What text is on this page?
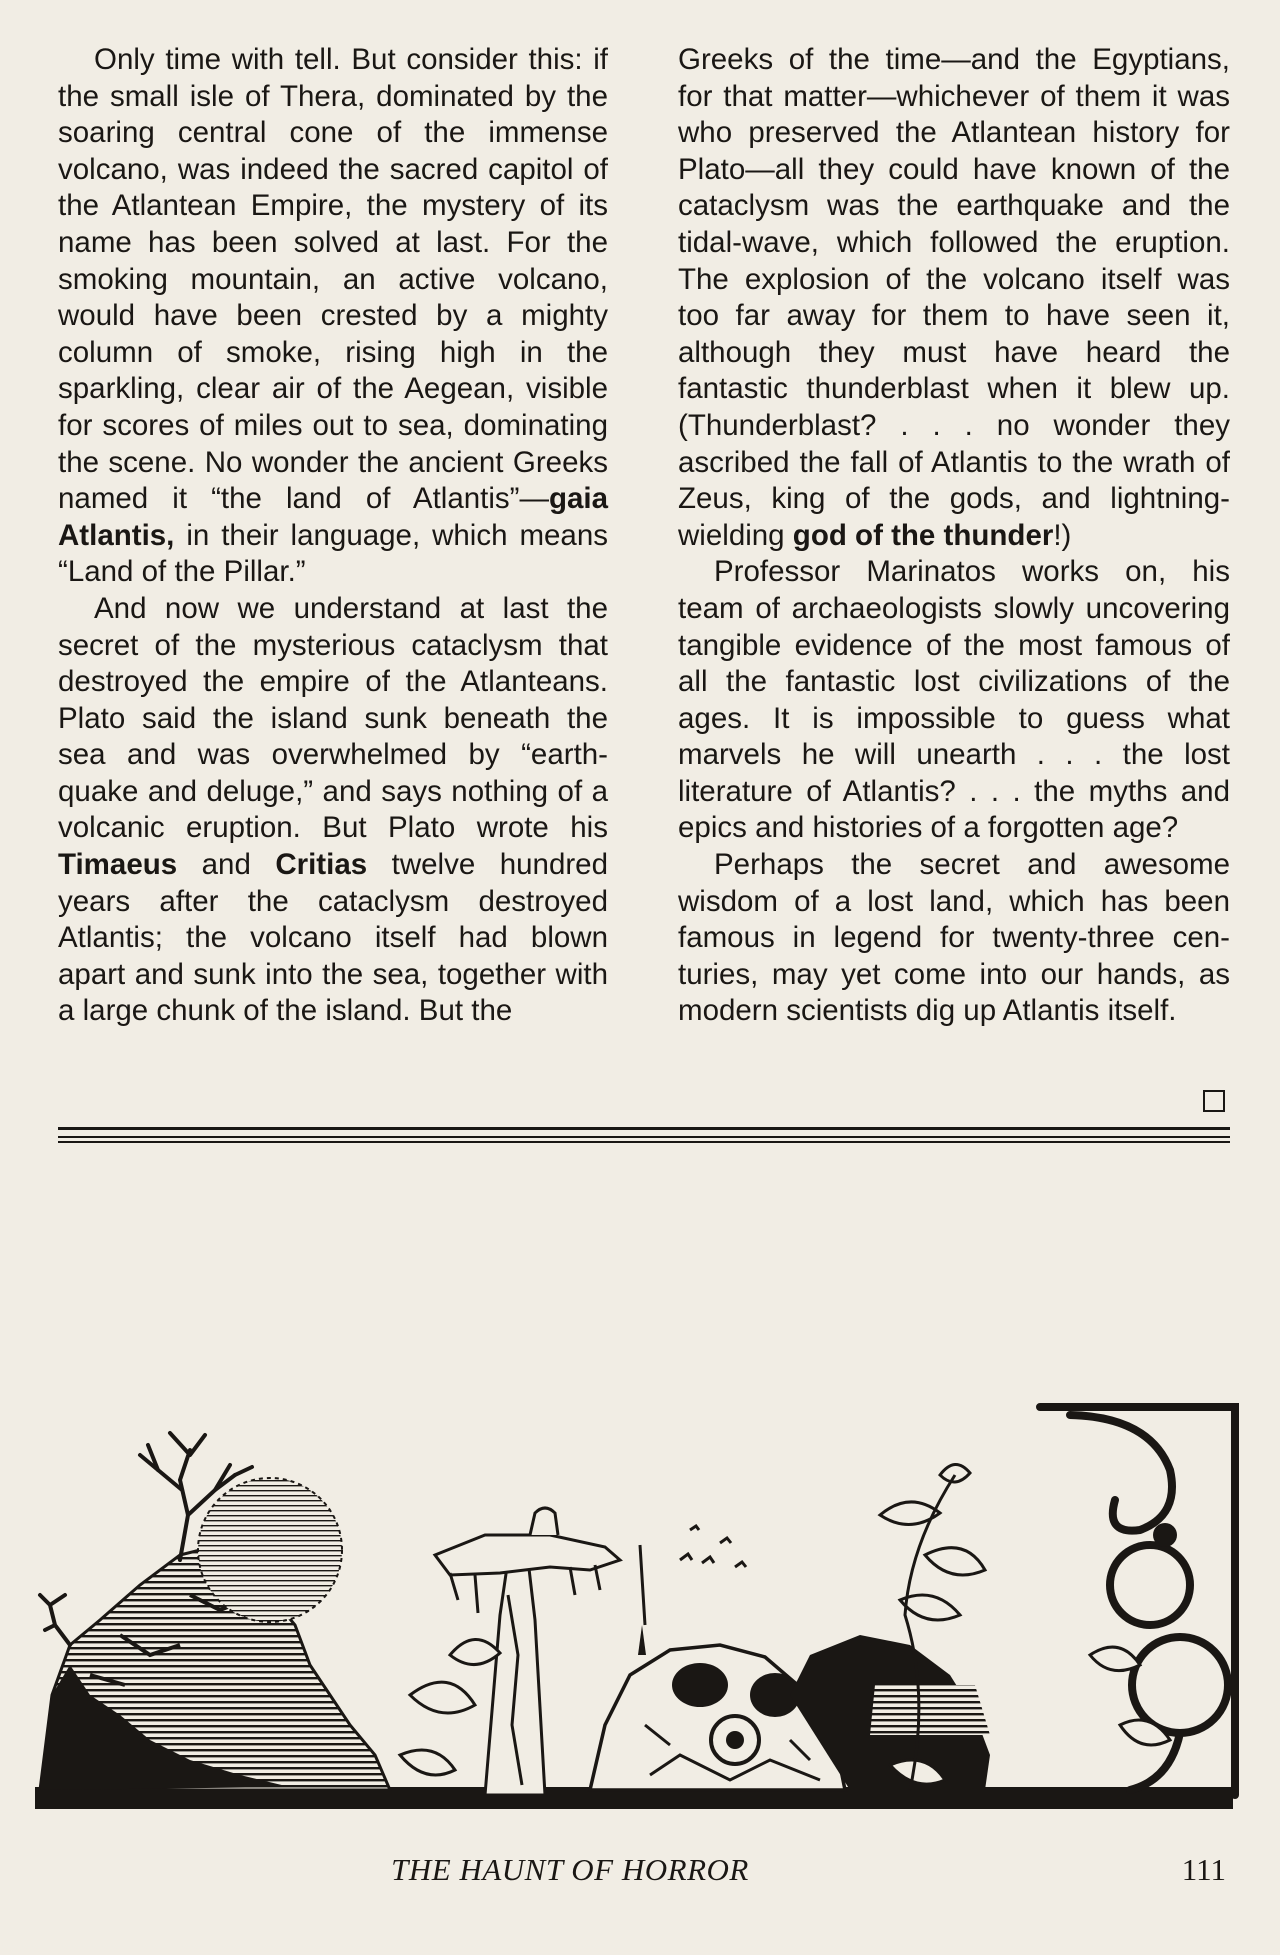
Only time with tell. But consider this: if the small isle of Thera, dominated by the soaring central cone of the immense volcano, was indeed the sacred capitol of the Atlantean Empire, the mystery of its name has been solved at last. For the smoking mountain, an active volcano, would have been crested by a mighty column of smoke, rising high in the sparkling, clear air of the Aegean, visible for scores of miles out to sea, dominating the scene. No wonder the ancient Greeks named it “the land of Atlantis”—gaia Atlantis, in their language, which means “Land of the Pillar.”

And now we understand at last the secret of the mysterious cataclysm that destroyed the empire of the Atlanteans. Plato said the island sunk beneath the sea and was overwhelmed by “earthquake and deluge,” and says nothing of a volcanic eruption. But Plato wrote his Timaeus and Critias twelve hundred years after the cataclysm destroyed Atlantis; the volcano itself had blown apart and sunk into the sea, together with a large chunk of the island. But the

Greeks of the time—and the Egyptians, for that matter—whichever of them it was who preserved the Atlantean history for Plato—all they could have known of the cataclysm was the earthquake and the tidal-wave, which followed the eruption. The explosion of the volcano itself was too far away for them to have seen it, although they must have heard the fantastic thunderblast when it blew up. (Thunderblast? . . . no wonder they ascribed the fall of Atlantis to the wrath of Zeus, king of the gods, and lightning-wielding god of the thunder!)

Professor Marinatos works on, his team of archaeologists slowly uncovering tangible evidence of the most famous of all the fantastic lost civilizations of the ages. It is impossible to guess what marvels he will unearth . . . the lost literature of Atlantis? . . . the myths and epics and histories of a forgotten age?

Perhaps the secret and awesome wisdom of a lost land, which has been famous in legend for twenty-three centuries, may yet come into our hands, as modern scientists dig up Atlantis itself.

THE HAUNT OF HORROR	111
